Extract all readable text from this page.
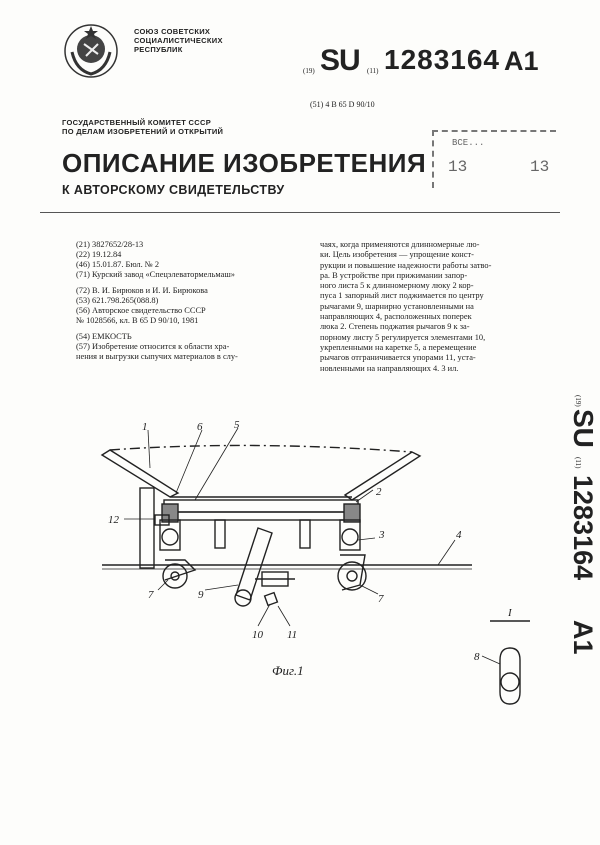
СОЮЗ СОВЕТСКИХ
СОЦИАЛИСТИЧЕСКИХ
РЕСПУБЛИК
(19) SU (11) 1283164 A1
(51) 4 B 65 D 90/10
ГОСУДАРСТВЕННЫЙ КОМИТЕТ СССР
ПО ДЕЛАМ ИЗОБРЕТЕНИЙ И ОТКРЫТИЙ
ОПИСАНИЕ ИЗОБРЕТЕНИЯ
К АВТОРСКОМУ СВИДЕТЕЛЬСТВУ
ВСЕ...
13	13
(21) 3827652/28-13
(22) 19.12.84
(46) 15.01.87. Бюл. № 2
(71) Курский завод «Спецэлеватормельмаш»
(72) В. И. Бирюков и И. И. Бирюкова
(53) 621.798.265(088.8)
(56) Авторское свидетельство СССР
№ 1028566, кл. B 65 D 90/10, 1981
(54) ЕМКОСТЬ
(57) Изобретение относится к области хра-
нения и выгрузки сыпучих материалов в слу-
чаях, когда применяются длинномерные лю-
ки. Цель изобретения — упрощение конст-
рукции и повышение надежности работы затво-
ра. В устройстве при прижимании запор-
ного листа 5 к длинномерному люку 2 кор-
пуса 1 запорный лист поджимается по центру
рычагами 9, шарнирно установленными на
направляющих 4, расположенных поперек
люка 2. Степень поджатия рычагов 9 к за-
порному листу 5 регулируется элементами 10,
укрепленными на каретке 5, а перемещение
рычагов отграничивается упорами 11, уста-
новленными на направляющих 4. 3 ил.
(19)
SU
(11)
1283164
A1
1	6	5
2
12
3	4
7	7
9
10 11
I
8
Фиг.1
